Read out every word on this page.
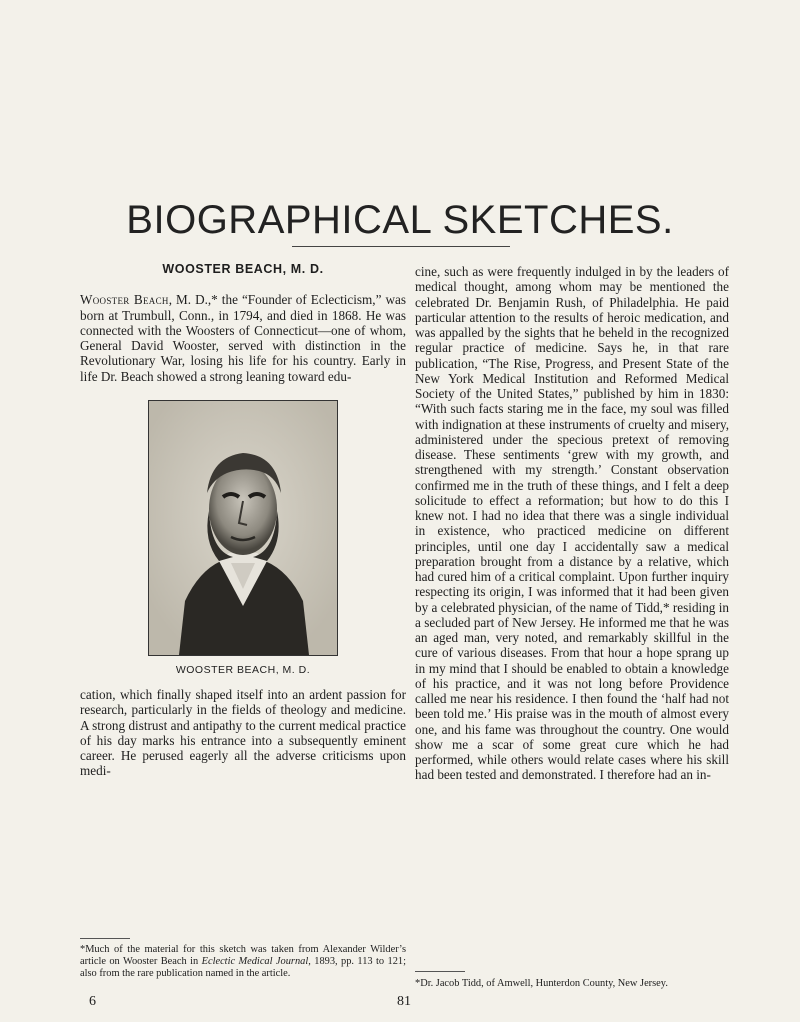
BIOGRAPHICAL SKETCHES.
WOOSTER BEACH, M. D.

Wooster Beach, M. D.,* the “Founder of Eclecticism,” was born at Trumbull, Conn., in 1794, and died in 1868. He was connected with the Woosters of Connecticut—one of whom, General David Wooster, served with distinction in the Revolutionary War, losing his life for his country. Early in life Dr. Beach showed a strong leaning toward edu-

WOOSTER BEACH, M. D.

cation, which finally shaped itself into an ardent passion for research, particularly in the fields of theology and medicine. A strong distrust and antipathy to the current medical practice of his day marks his entrance into a subsequently eminent career. He perused eagerly all the adverse criticisms upon medi-

cine, such as were frequently indulged in by the leaders of medical thought, among whom may be mentioned the celebrated Dr. Benjamin Rush, of Philadelphia. He paid particular attention to the results of heroic medication, and was appalled by the sights that he beheld in the recognized regular practice of medicine. Says he, in that rare publication, “The Rise, Progress, and Present State of the New York Medical Institution and Reformed Medical Society of the United States,” published by him in 1830: “With such facts staring me in the face, my soul was filled with indignation at these instruments of cruelty and misery, administered under the specious pretext of removing disease. These sentiments ‘grew with my growth, and strengthened with my strength.’ Constant observation confirmed me in the truth of these things, and I felt a deep solicitude to effect a reformation; but how to do this I knew not. I had no idea that there was a single individual in existence, who practiced medicine on different principles, until one day I accidentally saw a medical preparation brought from a distance by a relative, which had cured him of a critical complaint. Upon further inquiry respecting its origin, I was informed that it had been given by a celebrated physician, of the name of Tidd,* residing in a secluded part of New Jersey. He informed me that he was an aged man, very noted, and remarkably skillful in the cure of various diseases. From that hour a hope sprang up in my mind that I should be enabled to obtain a knowledge of his practice, and it was not long before Providence called me near his residence. I then found the ‘half had not been told me.’ His praise was in the mouth of almost every one, and his fame was throughout the country. One would show me a scar of some great cure which he had performed, while others would relate cases where his skill had been tested and demonstrated. I therefore had an in-

*Much of the material for this sketch was taken from Alexander Wilder’s article on Wooster Beach in Eclectic Medical Journal, 1893, pp. 113 to 121; also from the rare publication named in the article.
*Dr. Jacob Tidd, of Amwell, Hunterdon County, New Jersey.
6	81
